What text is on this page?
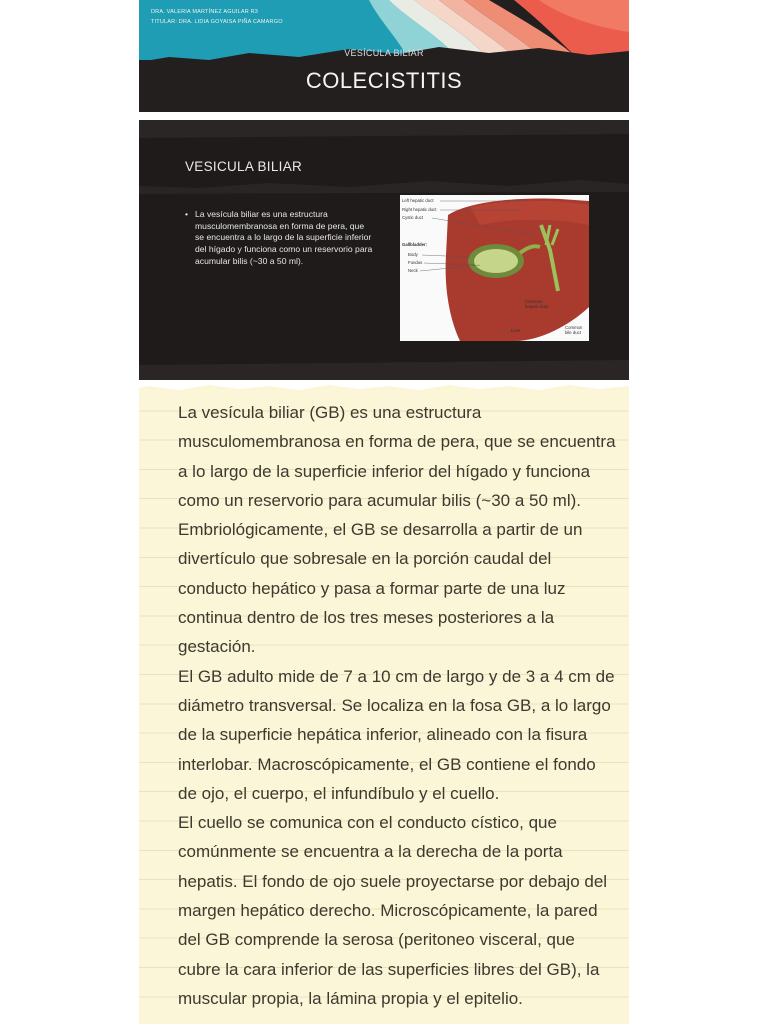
DRA. VALERIA MARTÍNEZ AGUILAR R3
TITULAR: DRA. LIDIA GOYAISA PIÑA CAMARGO
VESÍCULA BILIAR
COLECISTITIS
VESICULA BILIAR
• La vesícula biliar es una estructura musculomembranosa en forma de pera, que se encuentra a lo largo de la superficie inferior del hígado y funciona como un reservorio para acumular bilis (~30 a 50 ml).
Left hepatic duct
Right hepatic duct
Cystic duct
Gallbladder:
Body
Fundus
Neck
Common
hepatic duct
Liver
Common
bile duct

La vesícula biliar (GB) es una estructura musculomembranosa en forma de pera, que se encuentra a lo largo de la superficie inferior del hígado y funciona como un reservorio para acumular bilis (~30 a 50 ml).

Embriológicamente, el GB se desarrolla a partir de un divertículo que sobresale en la porción caudal del conducto hepático y pasa a formar parte de una luz continua dentro de los tres meses posteriores a la gestación.

El GB adulto mide de 7 a 10 cm de largo y de 3 a 4 cm de diámetro transversal. Se localiza en la fosa GB, a lo largo de la superficie hepática inferior, alineado con la fisura interlobar. Macroscópicamente, el GB contiene el fondo de ojo, el cuerpo, el infundíbulo y el cuello.

El cuello se comunica con el conducto cístico, que comúnmente se encuentra a la derecha de la porta hepatis. El fondo de ojo suele proyectarse por debajo del margen hepático derecho. Microscópicamente, la pared del GB comprende la serosa (peritoneo visceral, que cubre la cara inferior de las superficies libres del GB), la muscular propia, la lámina propia y el epitelio.
